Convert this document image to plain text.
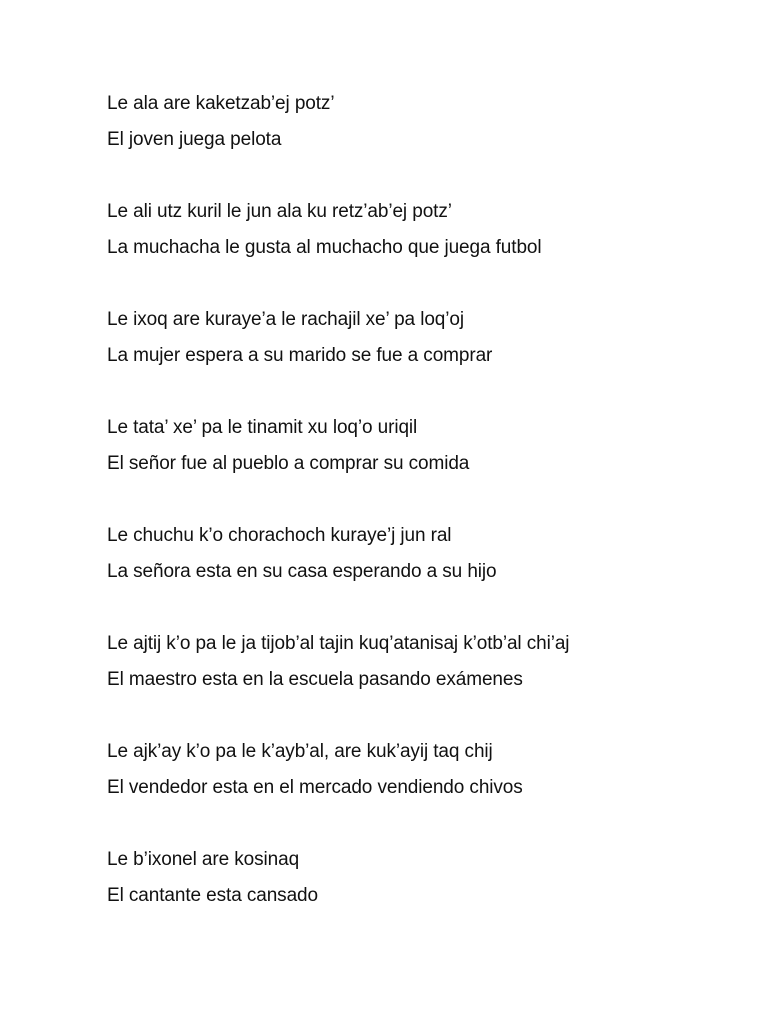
Le ala are kaketzab’ej potz’
El joven juega pelota
Le ali utz kuril le jun ala ku retz’ab’ej potz’
La muchacha le gusta al muchacho que juega futbol
Le ixoq are kuraye’a le rachajil xe’ pa loq’oj
La mujer espera a su marido se fue a comprar
Le tata’ xe’ pa le tinamit xu loq’o uriqil
El señor fue al pueblo a comprar su comida
Le chuchu k’o chorachoch kuraye’j jun ral
La señora esta en su casa esperando a su hijo
Le ajtij k’o pa le ja tijob’al tajin kuq’atanisaj k’otb’al chi’aj
El maestro esta en la escuela pasando exámenes
Le ajk’ay k’o pa le k’ayb’al, are kuk’ayij taq chij
El vendedor esta en el mercado vendiendo chivos
Le b’ixonel are kosinaq
El cantante esta cansado
